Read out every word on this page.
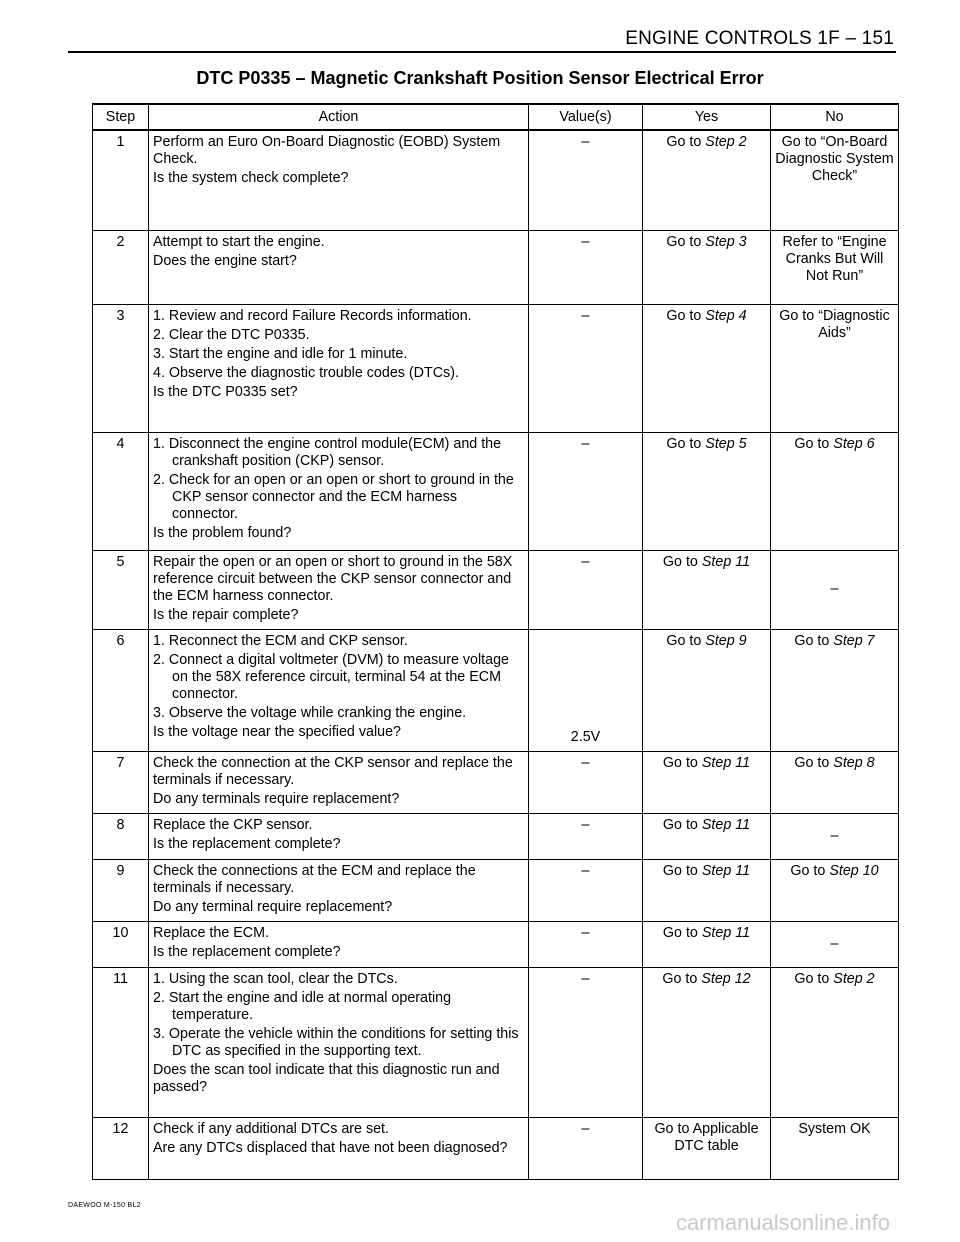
ENGINE CONTROLS 1F – 151
DTC P0335 – Magnetic Crankshaft Position Sensor Electrical Error
Step	Action	Value(s)	Yes	No
1	Perform an Euro On-Board Diagnostic (EOBD) System Check.
Is the system check complete?	–	Go to Step 2	Go to “On-Board Diagnostic System Check”
2	Attempt to start the engine.
Does the engine start?	–	Go to Step 3	Refer to “Engine Cranks But Will Not Run”
3	1. Review and record Failure Records information.
2. Clear the DTC P0335.
3. Start the engine and idle for 1 minute.
4. Observe the diagnostic trouble codes (DTCs).
Is the DTC P0335 set?	–	Go to Step 4	Go to “Diagnostic Aids”
4	1. Disconnect the engine control module(ECM) and the crankshaft position (CKP) sensor.
2. Check for an open or an open or short to ground in the CKP sensor connector and the ECM harness connector.
Is the problem found?	–	Go to Step 5	Go to Step 6
5	Repair the open or an open or short to ground in the 58X reference circuit between the CKP sensor connector and the ECM harness connector.
Is the repair complete?	–	Go to Step 11	–
6	1. Reconnect the ECM and CKP sensor.
2. Connect a digital voltmeter (DVM) to measure voltage on the 58X reference circuit, terminal 54 at the ECM connector.
3. Observe the voltage while cranking the engine.
Is the voltage near the specified value?	2.5V	Go to Step 9	Go to Step 7
7	Check the connection at the CKP sensor and replace the terminals if necessary.
Do any terminals require replacement?	–	Go to Step 11	Go to Step 8
8	Replace the CKP sensor.
Is the replacement complete?	–	Go to Step 11	–
9	Check the connections at the ECM and replace the terminals if necessary.
Do any terminal require replacement?	–	Go to Step 11	Go to Step 10
10	Replace the ECM.
Is the replacement complete?	–	Go to Step 11	–
11	1. Using the scan tool, clear the DTCs.
2. Start the engine and idle at normal operating temperature.
3. Operate the vehicle within the conditions for setting this DTC as specified in the supporting text.
Does the scan tool indicate that this diagnostic run and passed?	–	Go to Step 12	Go to Step 2
12	Check if any additional DTCs are set.
Are any DTCs displaced that have not been diagnosed?	–	Go to Applicable DTC table	System OK
DAEWOO M-150 BL2
carmanualsonline.info
